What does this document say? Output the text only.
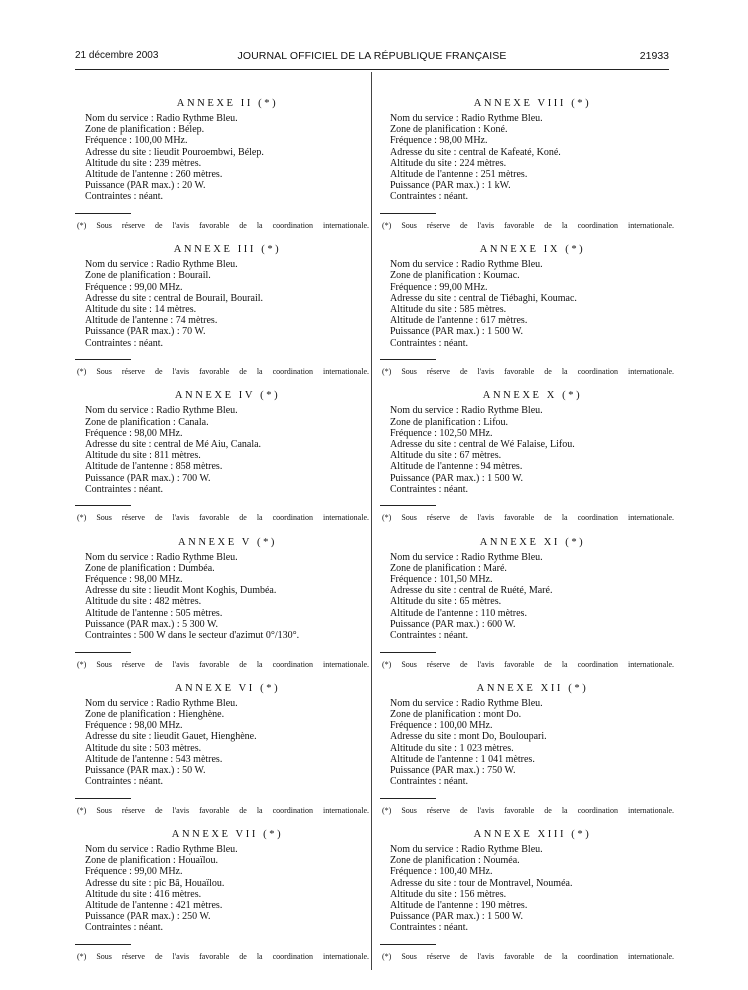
21 décembre 2003	JOURNAL OFFICIEL DE LA RÉPUBLIQUE FRANÇAISE	21933
ANNEXE II (*)
Nom du service : Radio Rythme Bleu.
Zone de planification : Bélep.
Fréquence : 100,00 MHz.
Adresse du site : lieudit Pouroembwi, Bélep.
Altitude du site : 239 mètres.
Altitude de l'antenne : 260 mètres.
Puissance (PAR max.) : 20 W.
Contraintes : néant.
(*) Sous réserve de l'avis favorable de la coordination internationale.
ANNEXE III (*)
Nom du service : Radio Rythme Bleu.
Zone de planification : Bourail.
Fréquence : 99,00 MHz.
Adresse du site : central de Bourail, Bourail.
Altitude du site : 14 mètres.
Altitude de l'antenne : 74 mètres.
Puissance (PAR max.) : 70 W.
Contraintes : néant.
(*) Sous réserve de l'avis favorable de la coordination internationale.
ANNEXE IV (*)
Nom du service : Radio Rythme Bleu.
Zone de planification : Canala.
Fréquence : 98,00 MHz.
Adresse du site : central de Mé Aiu, Canala.
Altitude du site : 811 mètres.
Altitude de l'antenne : 858 mètres.
Puissance (PAR max.) : 700 W.
Contraintes : néant.
(*) Sous réserve de l'avis favorable de la coordination internationale.
ANNEXE V (*)
Nom du service : Radio Rythme Bleu.
Zone de planification : Dumbéa.
Fréquence : 98,00 MHz.
Adresse du site : lieudit Mont Koghis, Dumbéa.
Altitude du site : 482 mètres.
Altitude de l'antenne : 505 mètres.
Puissance (PAR max.) : 5 300 W.
Contraintes : 500 W dans le secteur d'azimut 0°/130°.
(*) Sous réserve de l'avis favorable de la coordination internationale.
ANNEXE VI (*)
Nom du service : Radio Rythme Bleu.
Zone de planification : Hienghène.
Fréquence : 98,00 MHz.
Adresse du site : lieudit Gauet, Hienghène.
Altitude du site : 503 mètres.
Altitude de l'antenne : 543 mètres.
Puissance (PAR max.) : 50 W.
Contraintes : néant.
(*) Sous réserve de l'avis favorable de la coordination internationale.
ANNEXE VII (*)
Nom du service : Radio Rythme Bleu.
Zone de planification : Houaïlou.
Fréquence : 99,00 MHz.
Adresse du site : pic Bâ, Houaïlou.
Altitude du site : 416 mètres.
Altitude de l'antenne : 421 mètres.
Puissance (PAR max.) : 250 W.
Contraintes : néant.
(*) Sous réserve de l'avis favorable de la coordination internationale.
ANNEXE VIII (*)
Nom du service : Radio Rythme Bleu.
Zone de planification : Koné.
Fréquence : 98,00 MHz.
Adresse du site : central de Kafeaté, Koné.
Altitude du site : 224 mètres.
Altitude de l'antenne : 251 mètres.
Puissance (PAR max.) : 1 kW.
Contraintes : néant.
(*) Sous réserve de l'avis favorable de la coordination internationale.
ANNEXE IX (*)
Nom du service : Radio Rythme Bleu.
Zone de planification : Koumac.
Fréquence : 99,00 MHz.
Adresse du site : central de Tiébaghi, Koumac.
Altitude du site : 585 mètres.
Altitude de l'antenne : 617 mètres.
Puissance (PAR max.) : 1 500 W.
Contraintes : néant.
(*) Sous réserve de l'avis favorable de la coordination internationale.
ANNEXE X (*)
Nom du service : Radio Rythme Bleu.
Zone de planification : Lifou.
Fréquence : 102,50 MHz.
Adresse du site : central de Wé Falaise, Lifou.
Altitude du site : 67 mètres.
Altitude de l'antenne : 94 mètres.
Puissance (PAR max.) : 1 500 W.
Contraintes : néant.
(*) Sous réserve de l'avis favorable de la coordination internationale.
ANNEXE XI (*)
Nom du service : Radio Rythme Bleu.
Zone de planification : Maré.
Fréquence : 101,50 MHz.
Adresse du site : central de Ruété, Maré.
Altitude du site : 65 mètres.
Altitude de l'antenne : 110 mètres.
Puissance (PAR max.) : 600 W.
Contraintes : néant.
(*) Sous réserve de l'avis favorable de la coordination internationale.
ANNEXE XII (*)
Nom du service : Radio Rythme Bleu.
Zone de planification : mont Do.
Fréquence : 100,00 MHz.
Adresse du site : mont Do, Bouloupari.
Altitude du site : 1 023 mètres.
Altitude de l'antenne : 1 041 mètres.
Puissance (PAR max.) : 750 W.
Contraintes : néant.
(*) Sous réserve de l'avis favorable de la coordination internationale.
ANNEXE XIII (*)
Nom du service : Radio Rythme Bleu.
Zone de planification : Nouméa.
Fréquence : 100,40 MHz.
Adresse du site : tour de Montravel, Nouméa.
Altitude du site : 156 mètres.
Altitude de l'antenne : 190 mètres.
Puissance (PAR max.) : 1 500 W.
Contraintes : néant.
(*) Sous réserve de l'avis favorable de la coordination internationale.
